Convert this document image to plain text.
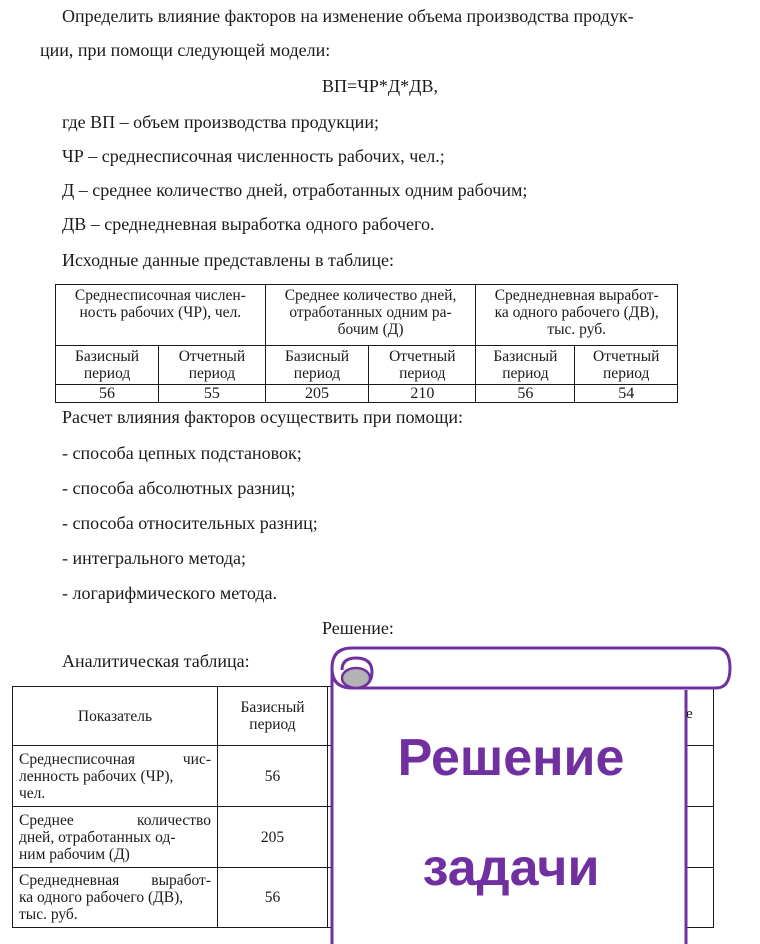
Определить влияние факторов на изменение объема производства продук-
ции, при помощи следующей модели:
ВП=ЧР*Д*ДВ,
где ВП – объем производства продукции;
ЧР – среднесписочная численность рабочих, чел.;
Д – среднее количество дней, отработанных одним рабочим;
ДВ – среднедневная выработка одного рабочего.
Исходные данные представлены в таблице:
Среднесписочная числен-
ность рабочих (ЧР), чел.		Среднее количество дней,
отработанных одним ра-
бочим (Д)		Среднедневная выработ-
ка одного рабочего (ДВ),
тыс. руб.	
Базисный
период	Отчетный
период	Базисный
период	Отчетный
период	Базисный
период	Отчетный
период
56	55	205	210	56	54
Расчет влияния факторов осуществить при помощи:
- способа цепных подстановок;
- способа абсолютных разниц;
- способа относительных разниц;
- интегрального метода;
- логарифмического метода.
Решение:
Аналитическая таблица:
Показатель	Базисный
период	

Среднесписочная чис-
ленность рабочих (ЧР),
чел.	56	

Среднее количество
дней, отработанных од-
ним рабочим (Д)	205	

Среднедневная выработ-
ка одного рабочего (ДВ),
тыс. руб.	56	
Решение
задачи
е
